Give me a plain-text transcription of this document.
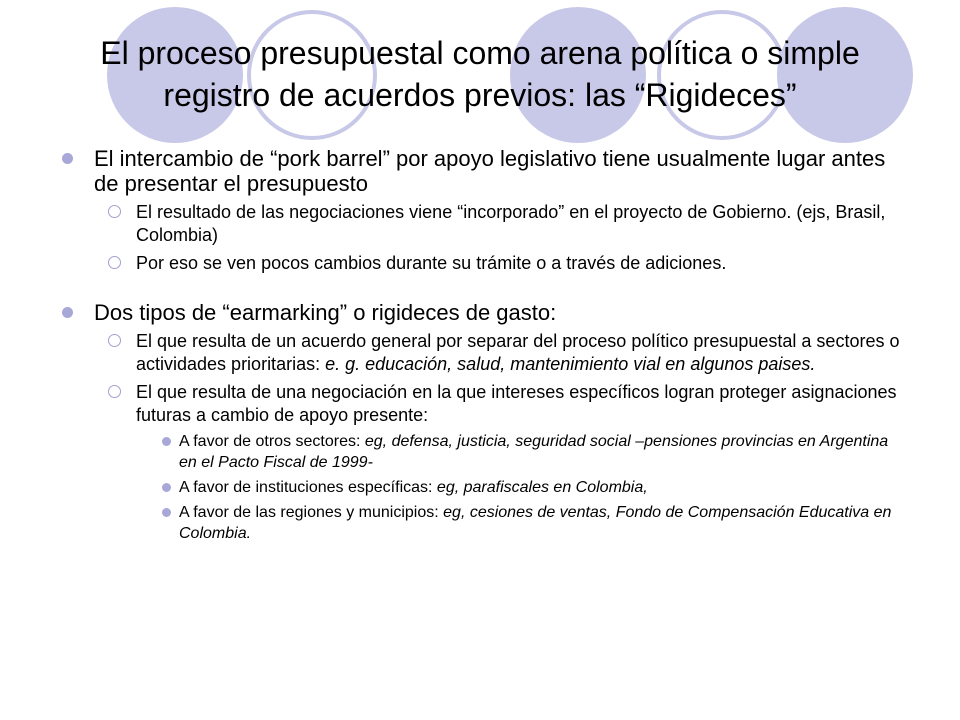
El proceso presupuestal como arena política o simple
registro de acuerdos previos: las “Rigideces”
El intercambio de “pork barrel” por apoyo legislativo tiene usualmente lugar antes de presentar el presupuesto
El resultado de las negociaciones viene “incorporado” en el proyecto de Gobierno. (ejs, Brasil, Colombia)
Por eso se ven pocos cambios durante su trámite o a través de adiciones.
Dos tipos de “earmarking” o rigideces de gasto:
El que resulta de un acuerdo general por separar del proceso político presupuestal a sectores o actividades prioritarias: e. g. educación, salud, mantenimiento vial en algunos paises.
El que resulta de una negociación en la que intereses específicos logran proteger asignaciones futuras a cambio de apoyo presente:
A favor de otros sectores: eg, defensa, justicia, seguridad social –pensiones provincias en Argentina en el Pacto Fiscal de 1999-
A favor de instituciones específicas: eg, parafiscales en Colombia,
A favor de las regiones y municipios: eg, cesiones de ventas, Fondo de Compensación Educativa en Colombia.
